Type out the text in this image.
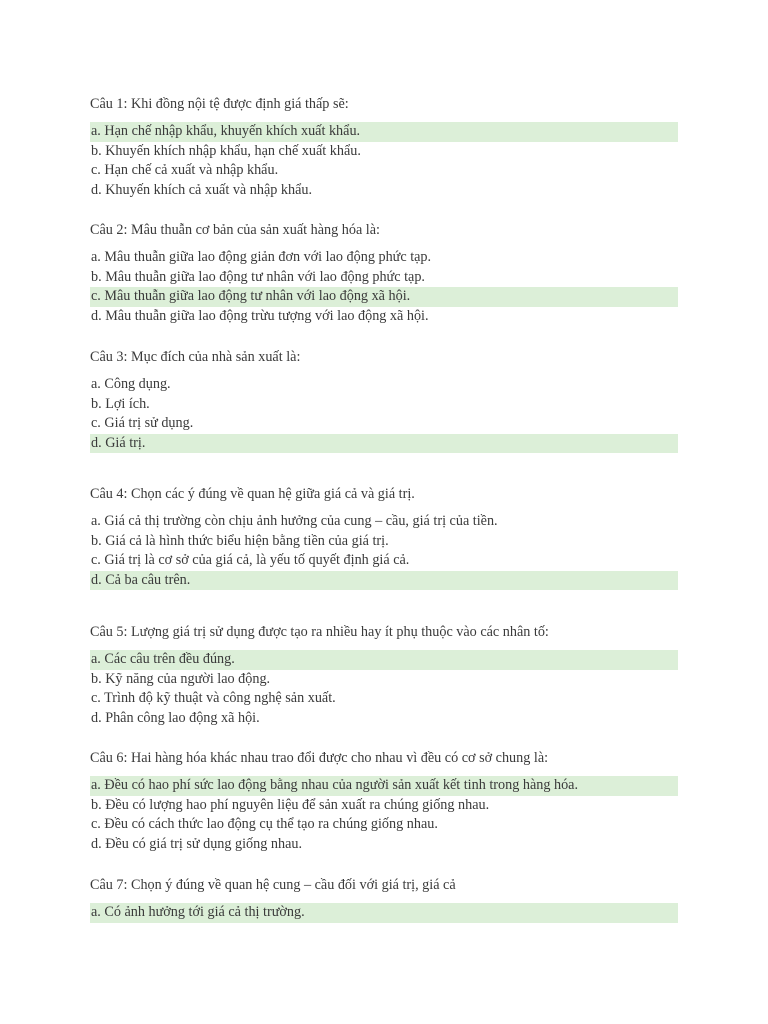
Câu 1: Khi đồng nội tệ được định giá thấp sẽ:
a. Hạn chế nhập khẩu, khuyến khích xuất khẩu.
b. Khuyến khích nhập khẩu, hạn chế xuất khẩu.
c. Hạn chế cả xuất và nhập khẩu.
d. Khuyến khích cả xuất và nhập khẩu.
Câu 2: Mâu thuẫn cơ bản của sản xuất hàng hóa là:
a. Mâu thuẫn giữa lao động giản đơn với lao động phức tạp.
b. Mâu thuẫn giữa lao động tư nhân với lao động phức tạp.
c. Mâu thuẫn giữa lao động tư nhân với lao động xã hội.
d. Mâu thuẫn giữa lao động trừu tượng với lao động xã hội.
Câu 3: Mục đích của nhà sản xuất là:
a. Công dụng.
b. Lợi ích.
c. Giá trị sử dụng.
d. Giá trị.
Câu 4: Chọn các ý đúng về quan hệ giữa giá cả và giá trị.
a. Giá cả thị trường còn chịu ảnh hưởng của cung – cầu, giá trị của tiền.
b. Giá cả là hình thức biểu hiện bằng tiền của giá trị.
c. Giá trị là cơ sở của giá cả, là yếu tố quyết định giá cả.
d. Cả ba câu trên.
Câu 5: Lượng giá trị sử dụng được tạo ra nhiều hay ít phụ thuộc vào các nhân tố:
a. Các câu trên đều đúng.
b. Kỹ năng của người lao động.
c. Trình độ kỹ thuật và công nghệ sản xuất.
d. Phân công lao động xã hội.
Câu 6: Hai hàng hóa khác nhau trao đổi được cho nhau vì đều có cơ sở chung là:
a. Đều có hao phí sức lao động bằng nhau của người sản xuất kết tinh trong hàng hóa.
b. Đều có lượng hao phí nguyên liệu để sản xuất ra chúng giống nhau.
c. Đều có cách thức lao động cụ thể tạo ra chúng giống nhau.
d. Đều có giá trị sử dụng giống nhau.
Câu 7: Chọn ý đúng về quan hệ cung – cầu đối với giá trị, giá cả
a. Có ảnh hưởng tới giá cả thị trường.
